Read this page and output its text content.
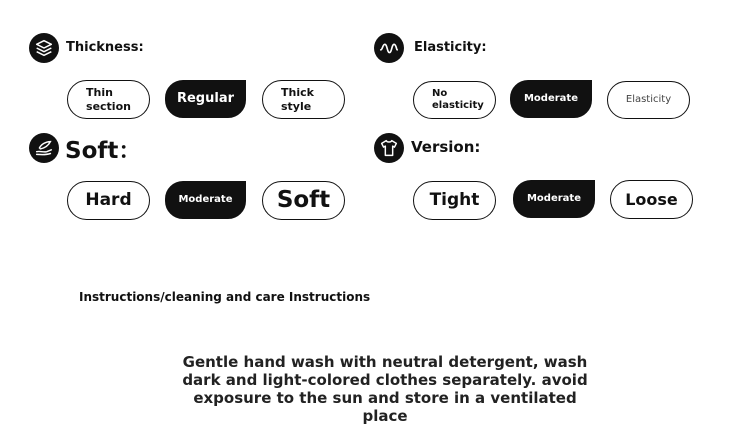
Thickness:
Thin
section	Regular	Thick
style
Elasticity:
No
elasticity
Moderate	Elasticity
Soft：
Hard	Moderate Soft
Version:
Tight	Moderate	Loose
Instructions/cleaning and care Instructions
Gentle hand wash with neutral detergent, wash dark and light-colored clothes separately. avoid exposure to the sun and store in a ventilated place
